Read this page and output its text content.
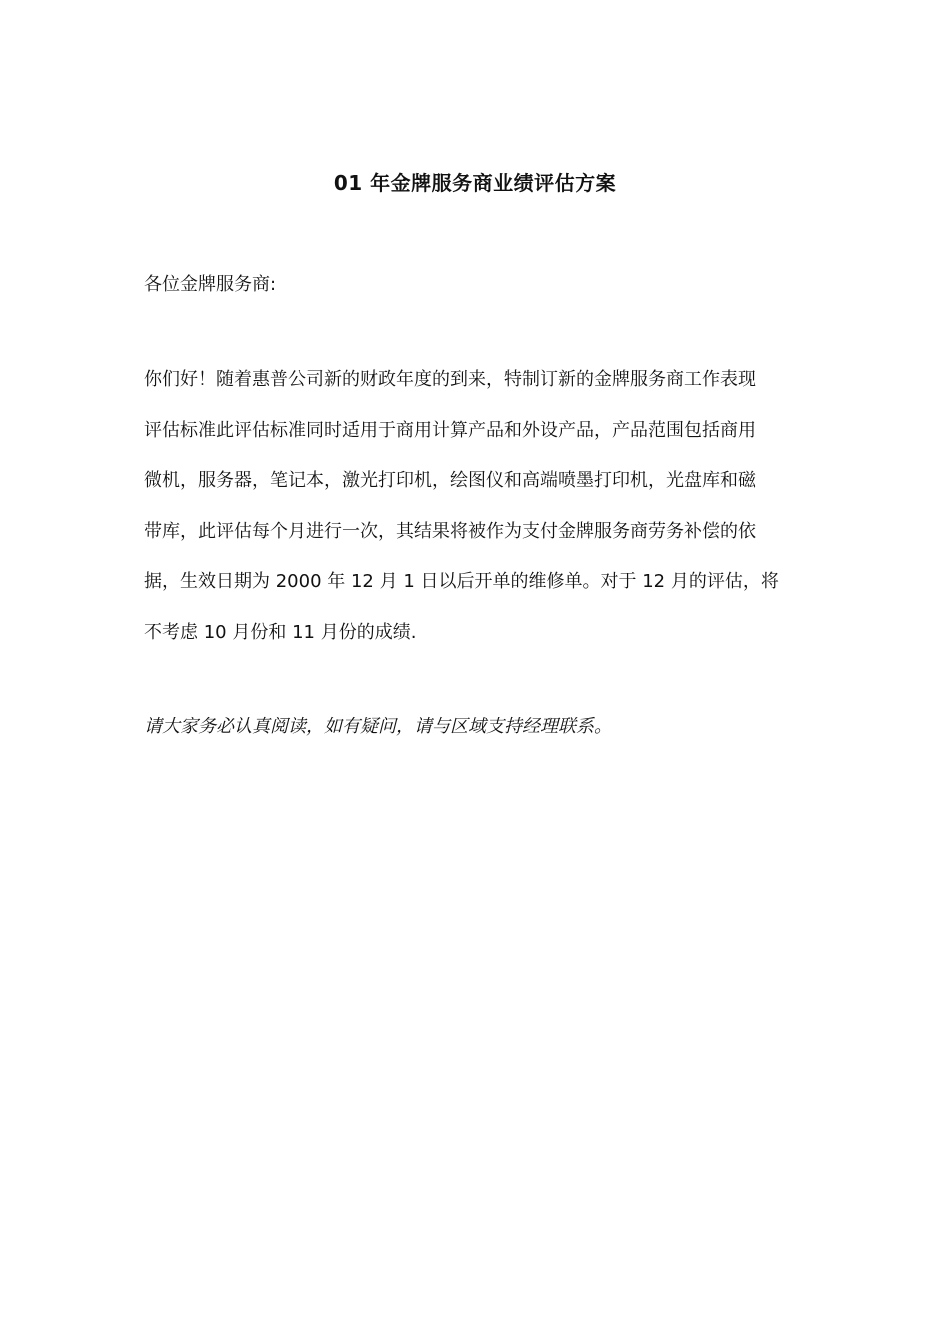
01 年金牌服务商业绩评估方案
各位金牌服务商:
你们好！随着惠普公司新的财政年度的到来，特制订新的金牌服务商工作表现
评估标准此评估标准同时适用于商用计算产品和外设产品，产品范围包括商用
微机，服务器，笔记本，激光打印机，绘图仪和高端喷墨打印机，光盘库和磁
带库，此评估每个月进行一次，其结果将被作为支付金牌服务商劳务补偿的依
据，生效日期为 2000 年 12 月 1 日以后开单的维修单。对于 12 月的评估，将
不考虑 10 月份和 11 月份的成绩.
请大家务必认真阅读，如有疑问，请与区域支持经理联系。
